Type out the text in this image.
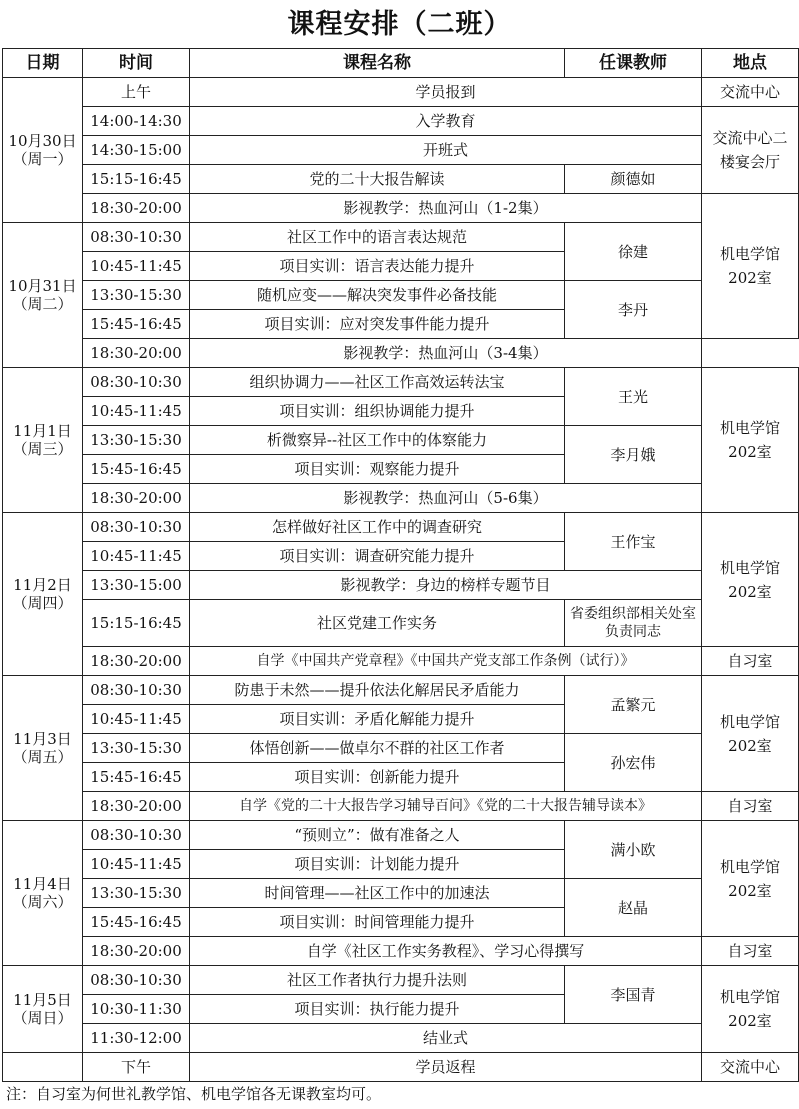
课程安排（二班）
日期	时间	课程名称	任课教师	地点
10月30日
（周一）	上午	学员报到		交流中心
	14:00-14:30	入学教育		交流中心二楼宴会厅

	14:30-15:00	开班式		
	15:15-16:45	党的二十大报告解读	颜德如	
	18:30-20:00	影视教学：热血河山（1-2集）		机电学馆202室

10月31日
（周二）	08:30-10:30	社区工作中的语言表达规范	徐建	
	10:45-11:45	项目实训：语言表达能力提升		
	13:30-15:30	随机应变——解决突发事件必备技能	李丹	
	15:45-16:45	项目实训：应对突发事件能力提升		
	18:30-20:00	影视教学：热血河山（3-4集）		
11月1日
（周三）	08:30-10:30	组织协调力——社区工作高效运转法宝	王光	机电学馆202室

	10:45-11:45	项目实训：组织协调能力提升		
	13:30-15:30	析微察异--社区工作中的体察能力	李月娥	
	15:45-16:45	项目实训：观察能力提升		
	18:30-20:00	影视教学：热血河山（5-6集）		
11月2日
（周四）	08:30-10:30	怎样做好社区工作中的调查研究	王作宝	机电学馆202室

	10:45-11:45	项目实训：调查研究能力提升		
	13:30-15:00	影视教学：身边的榜样专题节目		
	15:15-16:45	社区党建工作实务	省委组织部相关处室负责同志	

	18:30-20:00	自学《中国共产党章程》《中国共产党支部工作条例（试行）》		自习室
11月3日
（周五）	08:30-10:30	防患于未然——提升依法化解居民矛盾能力	孟繁元	机电学馆202室

	10:45-11:45	项目实训：矛盾化解能力提升		
	13:30-15:30	体悟创新——做卓尔不群的社区工作者	孙宏伟	
	15:45-16:45	项目实训：创新能力提升		
	18:30-20:00	自学《党的二十大报告学习辅导百问》《党的二十大报告辅导读本》		自习室
11月4日
（周六）	08:30-10:30	“预则立”：做有准备之人	满小欧	机电学馆202室

	10:45-11:45	项目实训：计划能力提升		
	13:30-15:30	时间管理——社区工作中的加速法	赵晶	
	15:45-16:45	项目实训：时间管理能力提升		
	18:30-20:00	自学《社区工作实务教程》、学习心得撰写		自习室
11月5日
（周日）	08:30-10:30	社区工作者执行力提升法则	李国青	机电学馆202室

	10:30-11:30	项目实训：执行能力提升		
	11:30-12:00	结业式		
	下午	学员返程		交流中心
注：自习室为何世礼教学馆、机电学馆各无课教室均可。
